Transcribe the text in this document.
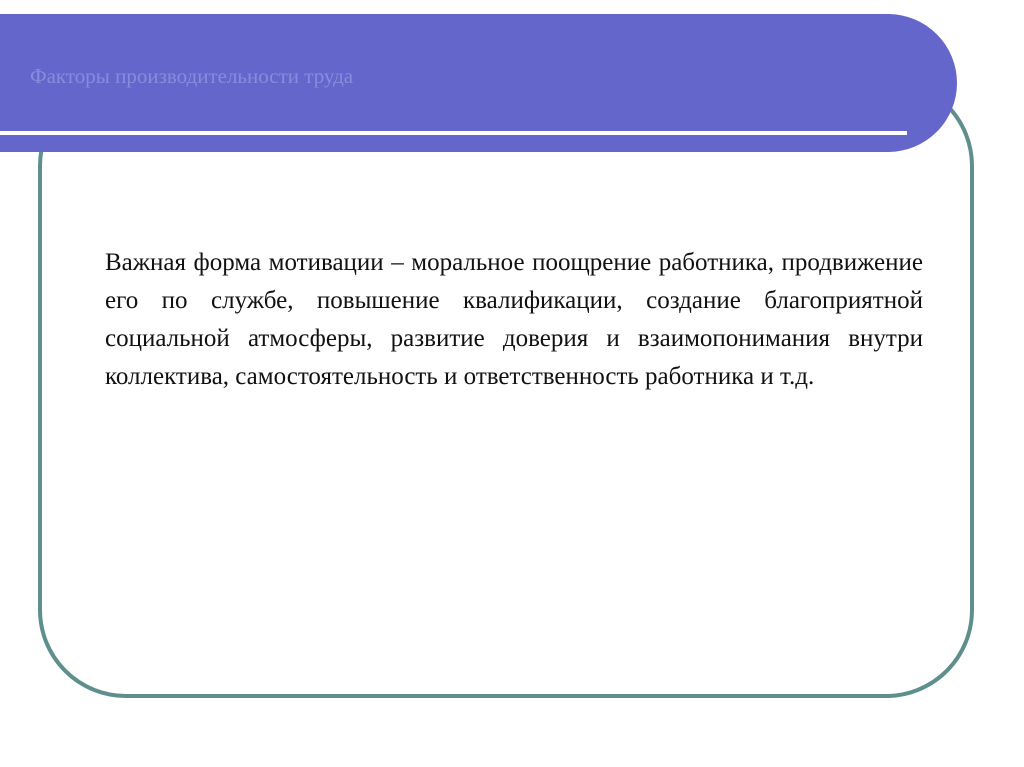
Факторы производительности труда

Важная форма мотивации – моральное поощрение работника, продвижение его по службе, повышение квалификации, создание благоприятной социальной атмосферы, развитие доверия и взаимопонимания внутри коллектива, самостоятельность и ответственность работника и т.д.
